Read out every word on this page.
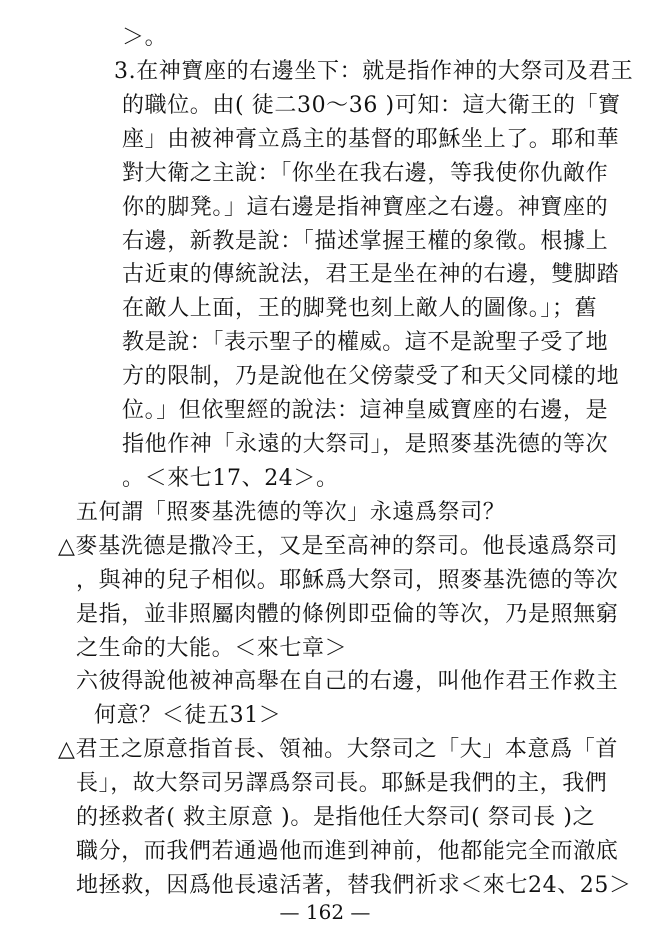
＞。
3.在神寶座的右邊坐下：就是指作神的大祭司及君王
的職位。由( 徒二30～36 )可知：這大衛王的「寶
座」由被神膏立爲主的基督的耶穌坐上了。耶和華
對大衛之主說：「你坐在我右邊，等我使你仇敵作
你的脚凳。」這右邊是指神寶座之右邊。神寶座的
右邊，新教是說：「描述掌握王權的象徵。根據上
古近東的傳統說法，君王是坐在神的右邊，雙脚踏
在敵人上面，王的脚凳也刻上敵人的圖像。」；舊
教是說：「表示聖子的權威。這不是說聖子受了地
方的限制，乃是說他在父傍蒙受了和天父同樣的地
位。」但依聖經的說法：這神皇威寶座的右邊，是
指他作神「永遠的大祭司」，是照麥基洗德的等次
。＜來七17、24＞。
五何謂「照麥基洗德的等次」永遠爲祭司？
△麥基洗德是撒冷王，又是至高神的祭司。他長遠爲祭司
，與神的兒子相似。耶穌爲大祭司，照麥基洗德的等次
是指，並非照屬肉體的條例即亞倫的等次，乃是照無窮
之生命的大能。＜來七章＞
六彼得說他被神高舉在自己的右邊，叫他作君王作救主
何意？＜徒五31＞
△君王之原意指首長、領袖。大祭司之「大」本意爲「首
長」，故大祭司另譯爲祭司長。耶穌是我們的主，我們
的拯救者( 救主原意 )。是指他任大祭司( 祭司長 )之
職分，而我們若通過他而進到神前，他都能完全而澈底
地拯救，因爲他長遠活著，替我們祈求＜來七24、25＞
— 162 —
